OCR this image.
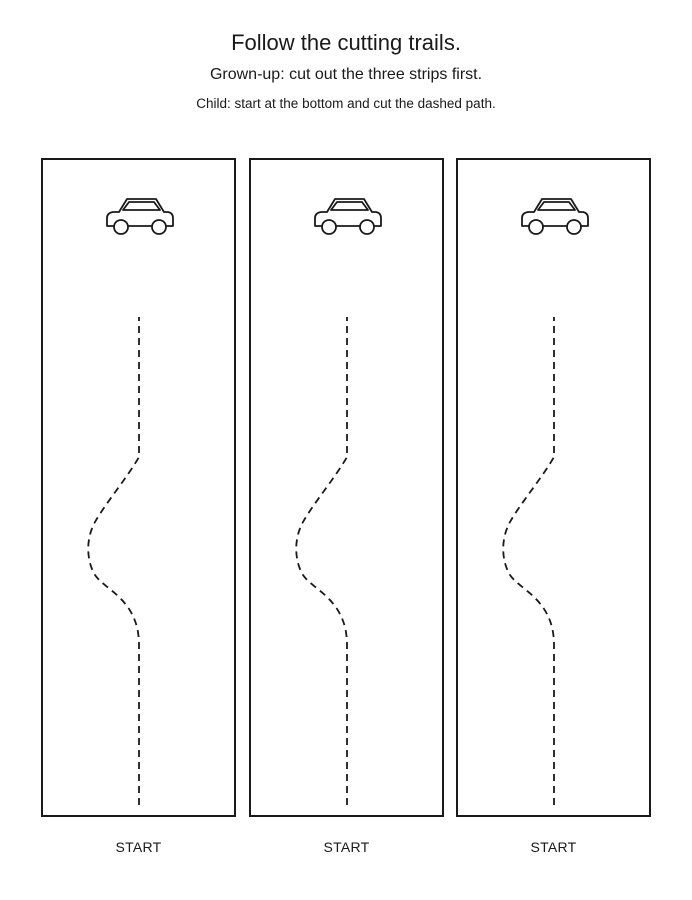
Follow the cutting trails.
Grown-up: cut out the three strips first.
Child: start at the bottom and cut the dashed path.
START	START	START
